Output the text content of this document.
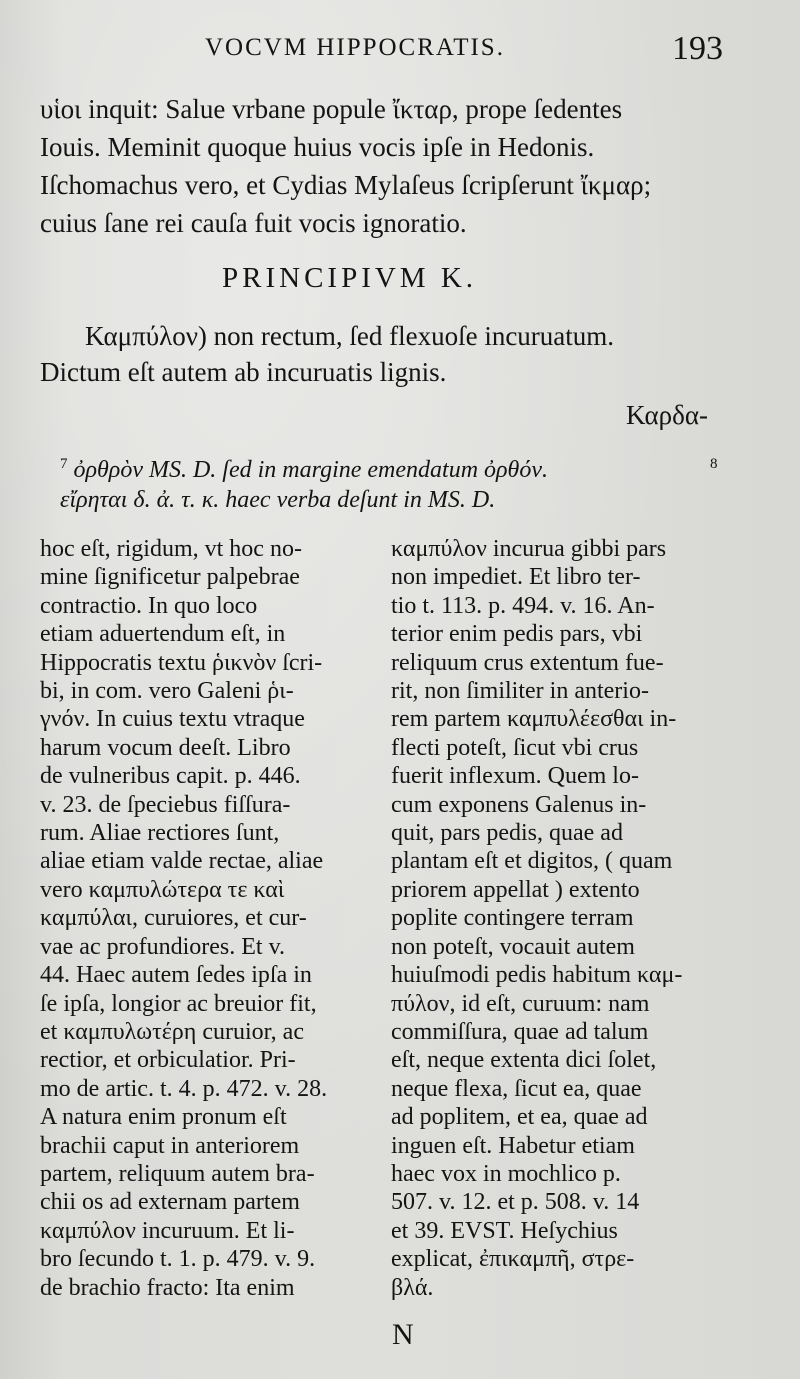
VOCVM HIPPOCRATIS.	193
υἱοι inquit: Salue vrbane popule ἴκταρ, prope ſedentes
Iouis. Meminit quoque huius vocis ipſe in Hedonis.
Iſchomachus vero, et Cydias Mylaſeus ſcripſerunt ἴκμαρ;
cuius ſane rei cauſa fuit vocis ignoratio.
PRINCIPIVM K.
Καμπύλον) non rectum, ſed flexuoſe incuruatum.
Dictum eſt autem ab incuruatis lignis.
Καρδα-
$^7$ ὀρθρὸν MS. D. ſed in margine emendatum ὀρθόν.	8
εἴρηται δ. ἀ. τ. κ. haec verba deſunt in MS. D.
hoc eſt, rigidum, vt hoc no-
mine ſignificetur palpebrae
contractio. In quo loco
etiam aduertendum eſt, in
Hippocratis textu ῥικνὸν ſcri-
bi, in com. vero Galeni ῥι-
γνόν. In cuius textu vtraque
harum vocum deeſt. Libro
de vulneribus capit. p. 446.
v. 23. de ſpeciebus fiſſura-
rum. Aliae rectiores ſunt,
aliae etiam valde rectae, aliae
vero καμπυλώτερα τε καὶ
καμπύλαι, curuiores, et cur-
vae ac profundiores. Et v.
44. Haec autem ſedes ipſa in
ſe ipſa, longior ac breuior fit,
et καμπυλωτέρη curuior, ac
rectior, et orbiculatior. Pri-
mo de artic. t. 4. p. 472. v. 28.
A natura enim pronum eſt
brachii caput in anteriorem
partem, reliquum autem bra-
chii os ad externam partem
καμπύλον incuruum. Et li-
bro ſecundo t. 1. p. 479. v. 9.
de brachio fracto: Ita enim
καμπύλον incurua gibbi pars
non impediet. Et libro ter-
tio t. 113. p. 494. v. 16. An-
terior enim pedis pars, vbi
reliquum crus extentum fue-
rit, non ſimiliter in anterio-
rem partem καμπυλέεσθαι in-
flecti poteſt, ſicut vbi crus
fuerit inflexum. Quem lo-
cum exponens Galenus in-
quit, pars pedis, quae ad
plantam eſt et digitos, ( quam
priorem appellat ) extento
poplite contingere terram
non poteſt, vocauit autem
huiuſmodi pedis habitum καμ-
πύλον, id eſt, curuum: nam
commiſſura, quae ad talum
eſt, neque extenta dici ſolet,
neque flexa, ſicut ea, quae
ad poplitem, et ea, quae ad
inguen eſt. Habetur etiam
haec vox in mochlico p.
507. v. 12. et p. 508. v. 14
et 39. EVST. Heſychius
explicat, ἐπικαμπῆ, στρε-
βλά.
N
